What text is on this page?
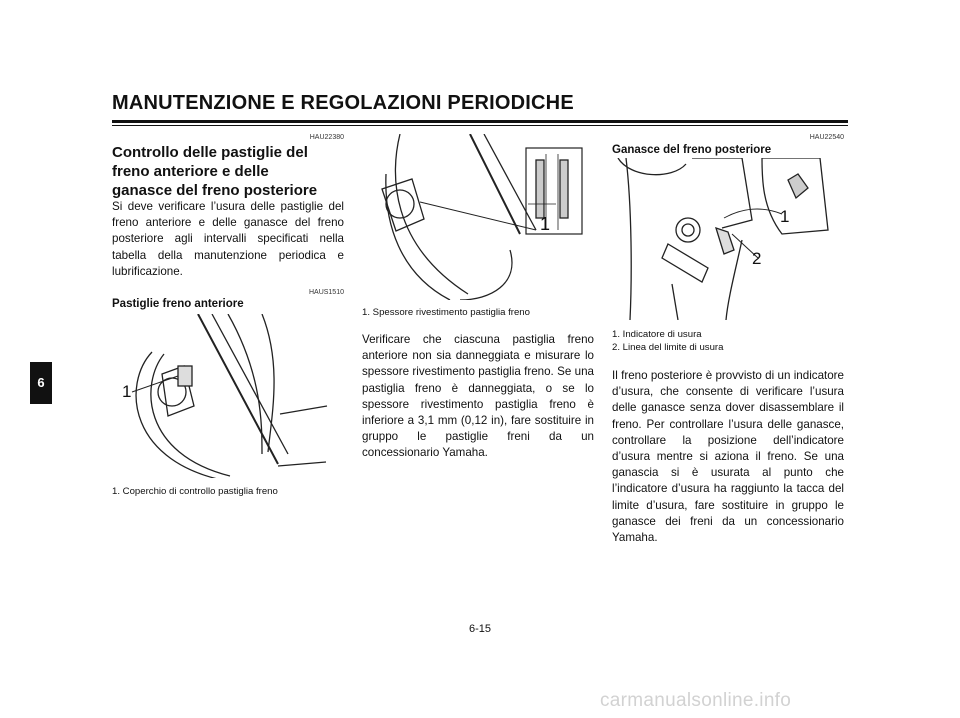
MANUTENZIONE E REGOLAZIONI PERIODICHE
6
HAU22380
Controllo delle pastiglie del freno anteriore e delle ganasce del freno posteriore
Si deve verificare l’usura delle pastiglie del freno anteriore e delle ganasce del freno posteriore agli intervalli specificati nella tabella della manutenzione periodica e lubrificazione.
HAUS1510
Pastiglie freno anteriore
1
1. Coperchio di controllo pastiglia freno
1
1. Spessore rivestimento pastiglia freno
Verificare che ciascuna pastiglia freno anteriore non sia danneggiata e misurare lo spessore rivestimento pastiglia freno. Se una pastiglia freno è danneggiata, o se lo spessore rivestimento pastiglia freno è inferiore a 3,1 mm (0,12 in), fare sostituire in gruppo le pastiglie freni da un concessionario Yamaha.
HAU22540
Ganasce del freno posteriore
1
2
1. Indicatore di usura
2. Linea del limite di usura
Il freno posteriore è provvisto di un indicatore d’usura, che consente di verificare l’usura delle ganasce senza dover disassemblare il freno. Per controllare l’usura delle ganasce, controllare la posizione dell’indicatore d’usura mentre si aziona il freno. Se una ganascia si è usurata al punto che l’indicatore d’usura ha raggiunto la tacca del limite d’usura, fare sostituire in gruppo le ganasce dei freni da un concessionario Yamaha.
6-15
carmanualsonline.info
